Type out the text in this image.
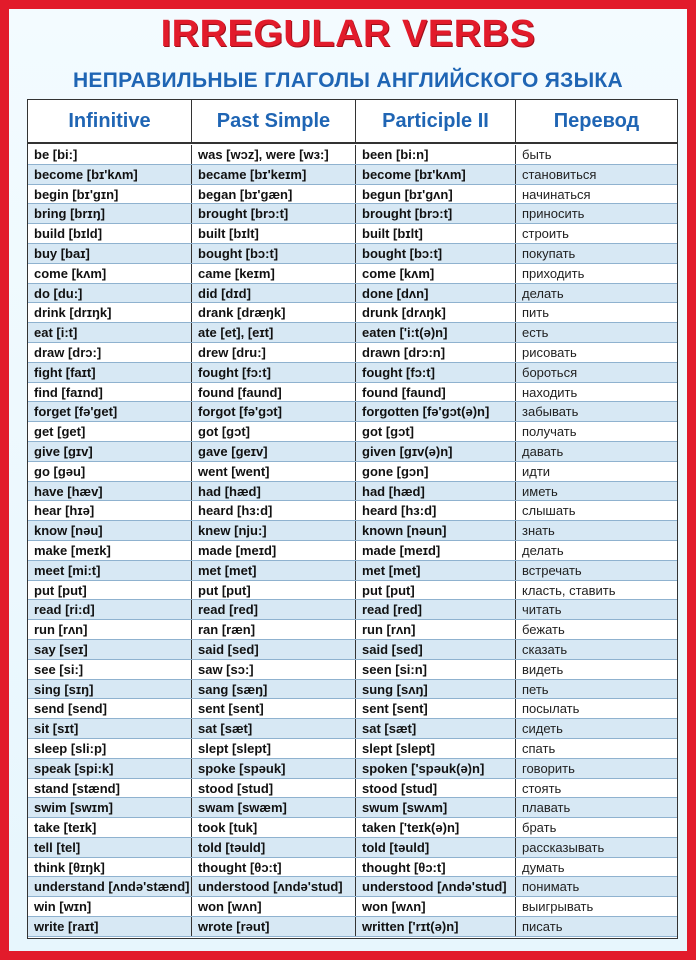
IRREGULAR VERBS
НЕПРАВИЛЬНЫЕ ГЛАГОЛЫ АНГЛИЙСКОГО ЯЗЫКА
Infinitive	Past Simple	Participle II	Перевод
be [bi:]	was [wɔz], were [wɜ:]	been [bi:n]	быть
become [bɪ'kʌm]	became [bɪ'keɪm]	become [bɪ'kʌm]	становиться
begin [bɪ'gɪn]	began [bɪ'gæn]	begun [bɪ'gʌn]	начинаться
bring [brɪŋ]	brought [brɔ:t]	brought [brɔ:t]	приносить
build [bɪld]	built [bɪlt]	built [bɪlt]	строить
buy [baɪ]	bought [bɔ:t]	bought [bɔ:t]	покупать
come [kʌm]	came [keɪm]	come [kʌm]	приходить
do [du:]	did [dɪd]	done [dʌn]	делать
drink [drɪŋk]	drank [dræŋk]	drunk [drʌŋk]	пить
eat [i:t]	ate [et], [eɪt]	eaten ['i:t(ə)n]	есть
draw [drɔ:]	drew [dru:]	drawn [drɔ:n]	рисовать
fight [faɪt]	fought [fɔ:t]	fought [fɔ:t]	бороться
find [faɪnd]	found [faund]	found [faund]	находить
forget [fə'get]	forgot [fə'gɔt]	forgotten [fə'gɔt(ə)n]	забывать
get [get]	got [gɔt]	got [gɔt]	получать
give [gɪv]	gave [geɪv]	given [gɪv(ə)n]	давать
go [gəu]	went [went]	gone [gɔn]	идти
have [hæv]	had [hæd]	had [hæd]	иметь
hear [hɪə]	heard [hɜ:d]	heard [hɜ:d]	слышать
know [nəu]	knew [nju:]	known [nəun]	знать
make [meɪk]	made [meɪd]	made [meɪd]	делать
meet [mi:t]	met [met]	met [met]	встречать
put [put]	put [put]	put [put]	класть, ставить
read [ri:d]	read [red]	read [red]	читать
run [rʌn]	ran [ræn]	run [rʌn]	бежать
say [seɪ]	said [sed]	said [sed]	сказать
see [si:]	saw [sɔ:]	seen [si:n]	видеть
sing [sɪŋ]	sang [sæŋ]	sung [sʌŋ]	петь
send [send]	sent [sent]	sent [sent]	посылать
sit [sɪt]	sat [sæt]	sat [sæt]	сидеть
sleep [sli:p]	slept [slept]	slept [slept]	спать
speak [spi:k]	spoke [spəuk]	spoken ['spəuk(ə)n]	говорить
stand [stænd]	stood [stud]	stood [stud]	стоять
swim [swɪm]	swam [swæm]	swum [swʌm]	плавать
take [teɪk]	took [tuk]	taken ['teɪk(ə)n]	брать
tell [tel]	told [təuld]	told [təuld]	рассказывать
think [θɪŋk]	thought [θɔ:t]	thought [θɔ:t]	думать
understand [ʌndə'stænd] understood [ʌndə'stud]	understood [ʌndə'stud]	понимать
win [wɪn]	won [wʌn]	won [wʌn]	выигрывать
write [raɪt]	wrote [rəut]	written ['rɪt(ə)n]	писать
